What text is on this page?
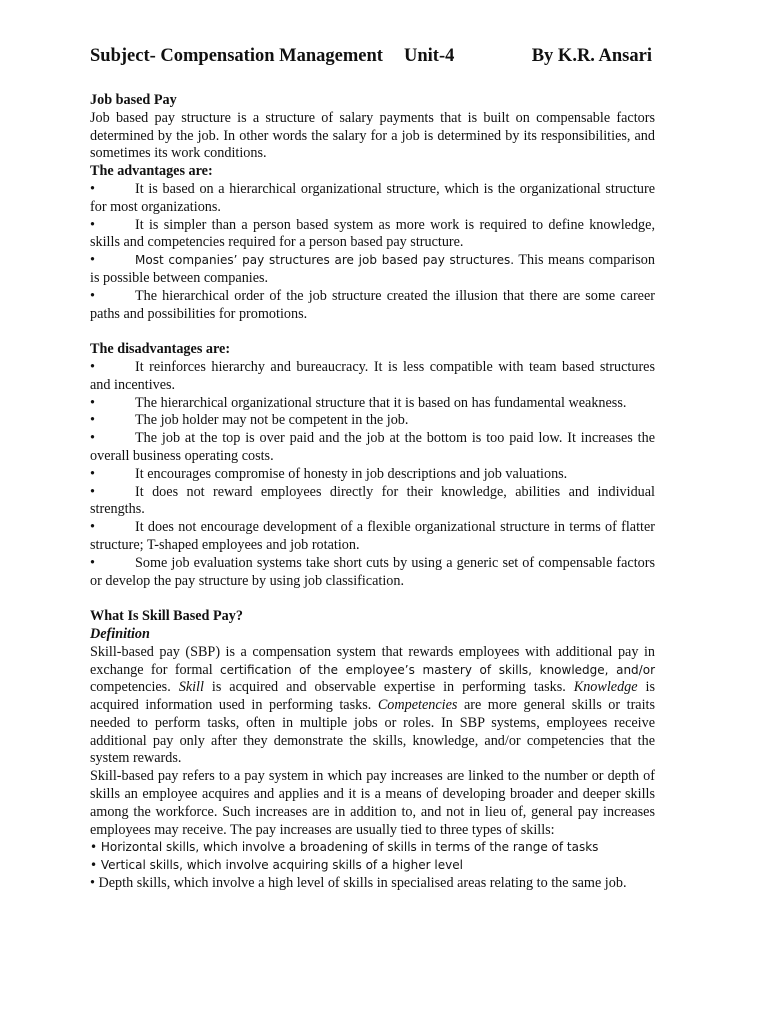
Subject- Compensation Management Unit-4	By K.R. Ansari

Job based Pay

Job based pay structure is a structure of salary payments that is built on compensable factors determined by the job. In other words the salary for a job is determined by its responsibilities, and sometimes its work conditions.

The advantages are:

•	It is based on a hierarchical organizational structure, which is the organizational structure for most organizations.

•	It is simpler than a person based system as more work is required to define knowledge, skills and competencies required for a person based pay structure.

•	Most companies’ pay structures are job based pay structures. This means comparison is possible between companies.

•	The hierarchical order of the job structure created the illusion that there are some career paths and possibilities for promotions.

The disadvantages are:

•	It reinforces hierarchy and bureaucracy. It is less compatible with team based structures and incentives.

•	The hierarchical organizational structure that it is based on has fundamental weakness.

•	The job holder may not be competent in the job.

•	The job at the top is over paid and the job at the bottom is too paid low. It increases the overall business operating costs.

•	It encourages compromise of honesty in job descriptions and job valuations.

•	It does not reward employees directly for their knowledge, abilities and individual strengths.

•	It does not encourage development of a flexible organizational structure in terms of flatter structure; T-shaped employees and job rotation.

•	Some job evaluation systems take short cuts by using a generic set of compensable factors or develop the pay structure by using job classification.

What Is Skill Based Pay?

Definition

Skill-based pay (SBP) is a compensation system that rewards employees with additional pay in exchange for formal certification of the employee’s mastery of skills, knowledge, and/or competencies. Skill is acquired and observable expertise in performing tasks. Knowledge is acquired information used in performing tasks. Competencies are more general skills or traits needed to perform tasks, often in multiple jobs or roles. In SBP systems, employees receive additional pay only after they demonstrate the skills, knowledge, and/or competencies that the system rewards.

Skill-based pay refers to a pay system in which pay increases are linked to the number or depth of skills an employee acquires and applies and it is a means of developing broader and deeper skills among the workforce. Such increases are in addition to, and not in lieu of, general pay increases employees may receive. The pay increases are usually tied to three types of skills:

• Horizontal skills, which involve a broadening of skills in terms of the range of tasks

• Vertical skills, which involve acquiring skills of a higher level

• Depth skills, which involve a high level of skills in specialised areas relating to the same job.
